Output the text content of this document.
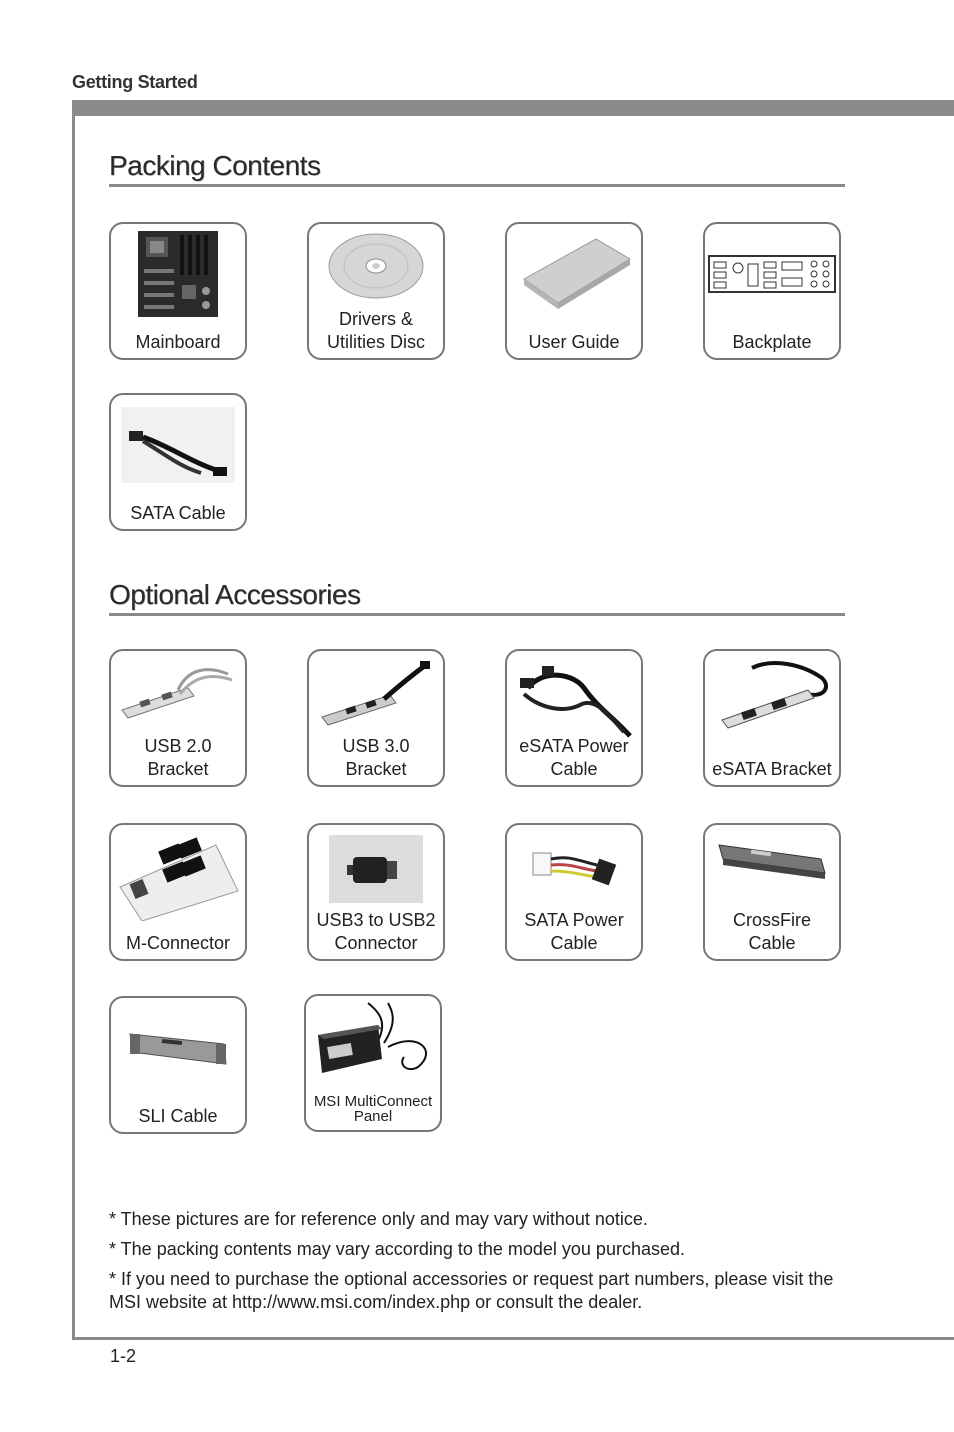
Getting Started
Packing Contents
Mainboard
Drivers & Utilities Disc	User Guide	Backplate
SATA Cable
Optional Accessories
USB 2.0 Bracket
USB 3.0 Bracket
eSATA Power Cable	eSATA Bracket
M-Connector
USB3 to USB2 Connector
SATA Power Cable
CrossFire Cable
SLI Cable
MSI MultiConnect Panel

* These pictures are for reference only and may vary without notice.

* The packing contents may vary according to the model you purchased.

* If you need to purchase the optional accessories or request part numbers, please visit the MSI website at http://www.msi.com/index.php or consult the dealer.

1-2
